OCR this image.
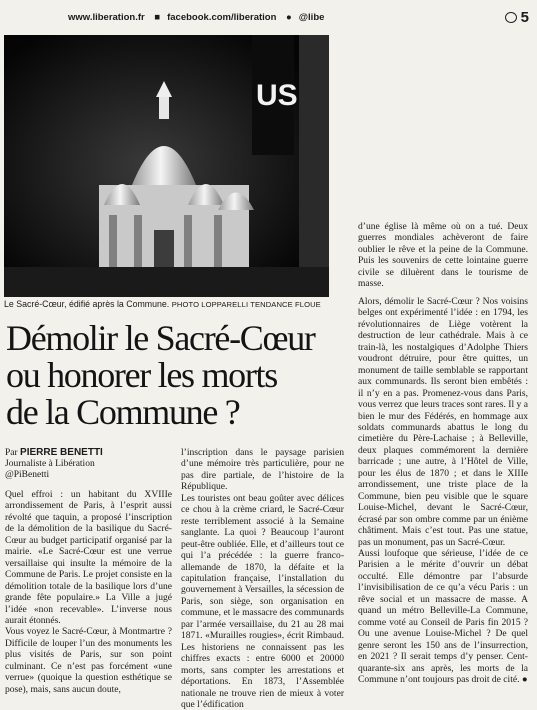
www.liberation.fr ■ facebook.com/liberation ● @libe	5
US
Le Sacré-Cœur, édifié après la Commune. PHOTO LOPPARELLI TENDANCE FLOUE
Démolir le Sacré-Cœur
ou honorer les morts
de la Commune ?
Par PIERRE BENETTI
Journaliste à Libération
@PiBenetti

Quel effroi : un habitant du XVIIIe arrondissement de Paris, à l’esprit aussi révolté que taquin, a proposé l’inscription de la démolition de la basilique du Sacré-Cœur au budget participatif organisé par la mairie. «Le Sacré-Cœur est une verrue versaillaise qui insulte la mémoire de la Commune de Paris. Le projet consiste en la démolition totale de la basilique lors d’une grande fête populaire.» La Ville a jugé l’idée «non recevable». L’inverse nous aurait étonnés.

Vous voyez le Sacré-Cœur, à Montmartre ? Difficile de louper l’un des monuments les plus visités de Paris, sur son point culminant. Ce n’est pas forcément «une verrue» (quoique la question esthétique se pose), mais, sans aucun doute,

l’inscription dans le paysage parisien d’une mémoire très particulière, pour ne pas dire partiale, de l’histoire de la République.

Les touristes ont beau goûter avec délices ce chou à la crème criard, le Sacré-Cœur reste terriblement associé à la Semaine sanglante. La quoi ? Beaucoup l’auront peut-être oubliée. Elle, et d’ailleurs tout ce qui l’a précédée : la guerre franco-allemande de 1870, la défaite et la capitulation française, l’installation du gouvernement à Versailles, la sécession de Paris, son siège, son organisation en commune, et le massacre des communards par l’armée versaillaise, du 21 au 28 mai 1871. «Murailles rougies», écrit Rimbaud. Les historiens ne connaissent pas les chiffres exacts : entre 6000 et 20000 morts, sans compter les arrestations et déportations. En 1873, l’Assemblée nationale ne trouve rien de mieux à voter que l’édification

d’une église là même où on a tué. Deux guerres mondiales achèveront de faire oublier le rêve et la peine de la Commune. Puis les souvenirs de cette lointaine guerre civile se diluèrent dans le tourisme de masse.

Alors, démolir le Sacré-Cœur ? Nos voisins belges ont expérimenté l’idée : en 1794, les révolutionnaires de Liège votèrent la destruction de leur cathédrale. Mais à ce train-là, les nostalgiques d’Adolphe Thiers voudront détruire, pour être quittes, un monument de taille semblable se rapportant aux communards. Ils seront bien embêtés : il n’y en a pas. Promenez-vous dans Paris, vous verrez que leurs traces sont rares. Il y a bien le mur des Fédérés, en hommage aux soldats communards abattus le long du cimetière du Père-Lachaise ; à Belleville, deux plaques commémorent la dernière barricade ; une autre, à l’Hôtel de Ville, pour les élus de 1870 ; et dans le XIIIe arrondissement, une triste place de la Commune, bien peu visible que le square Louise-Michel, devant le Sacré-Cœur, écrasé par son ombre comme par un énième châtiment. Mais c’est tout. Pas une statue, pas un monument, pas un Sacré-Cœur.

Aussi loufoque que sérieuse, l’idée de ce Parisien a le mérite d’ouvrir un débat occulté. Elle démontre par l’absurde l’invisibilisation de ce qu’a vécu Paris : un rêve social et un massacre de masse. A quand un métro Belleville-La Commune, comme voté au Conseil de Paris fin 2015 ? Ou une avenue Louise-Michel ? De quel genre seront les 150 ans de l’insurrection, en 2021 ? Il serait temps d’y penser. Cent-quarante-six ans après, les morts de la Commune n’ont toujours pas droit de cité. ●
